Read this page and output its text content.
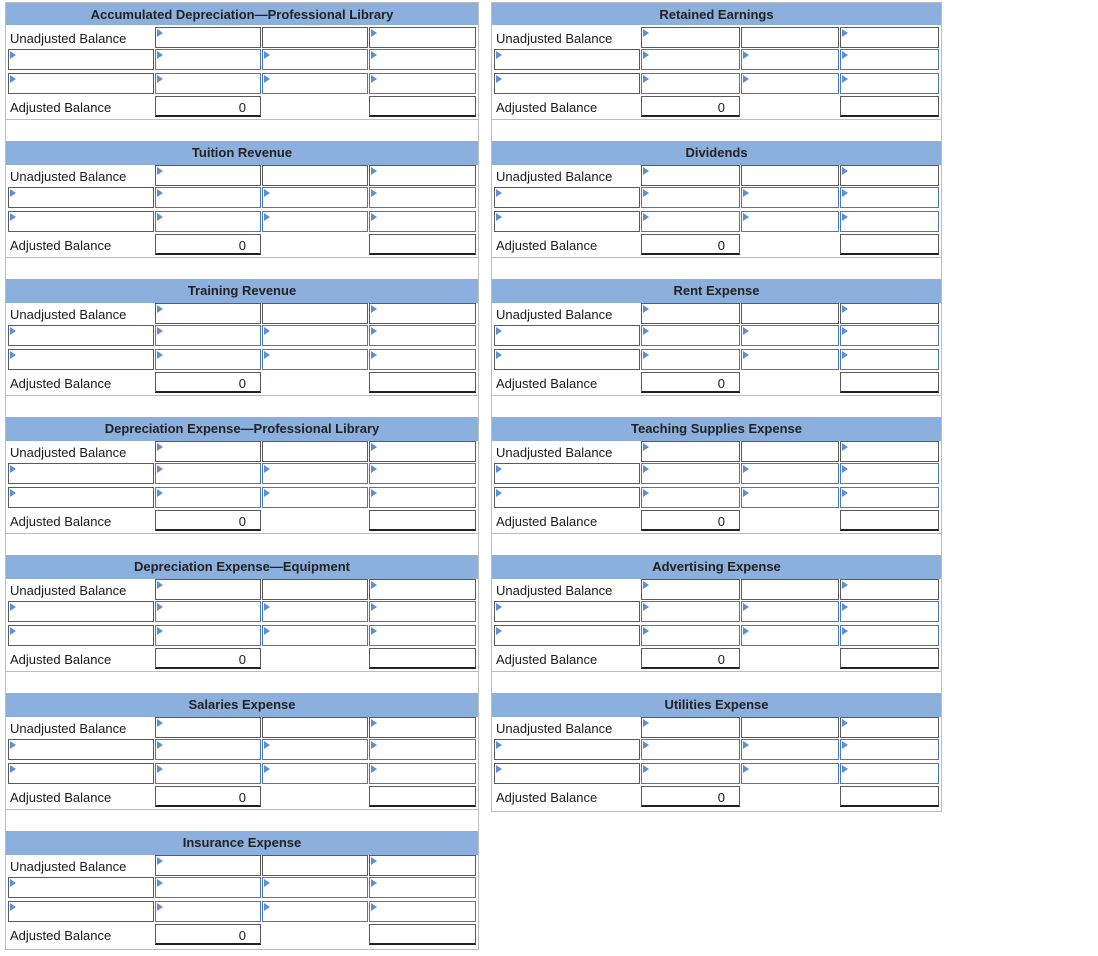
Accumulated Depreciation—Professional Library
Unadjusted Balance
Adjusted Balance	0
Tuition Revenue
Unadjusted Balance
Adjusted Balance	0
Training Revenue
Unadjusted Balance
Adjusted Balance	0
Depreciation Expense—Professional Library
Unadjusted Balance
Adjusted Balance	0
Depreciation Expense—Equipment
Unadjusted Balance
Adjusted Balance	0
Salaries Expense
Unadjusted Balance
Adjusted Balance	0
Insurance Expense
Unadjusted Balance
Adjusted Balance	0
Retained Earnings
Unadjusted Balance
Adjusted Balance	0
Dividends
Unadjusted Balance
Adjusted Balance	0
Rent Expense
Unadjusted Balance
Adjusted Balance	0
Teaching Supplies Expense
Unadjusted Balance
Adjusted Balance	0
Advertising Expense
Unadjusted Balance
Adjusted Balance	0
Utilities Expense
Unadjusted Balance
Adjusted Balance	0
